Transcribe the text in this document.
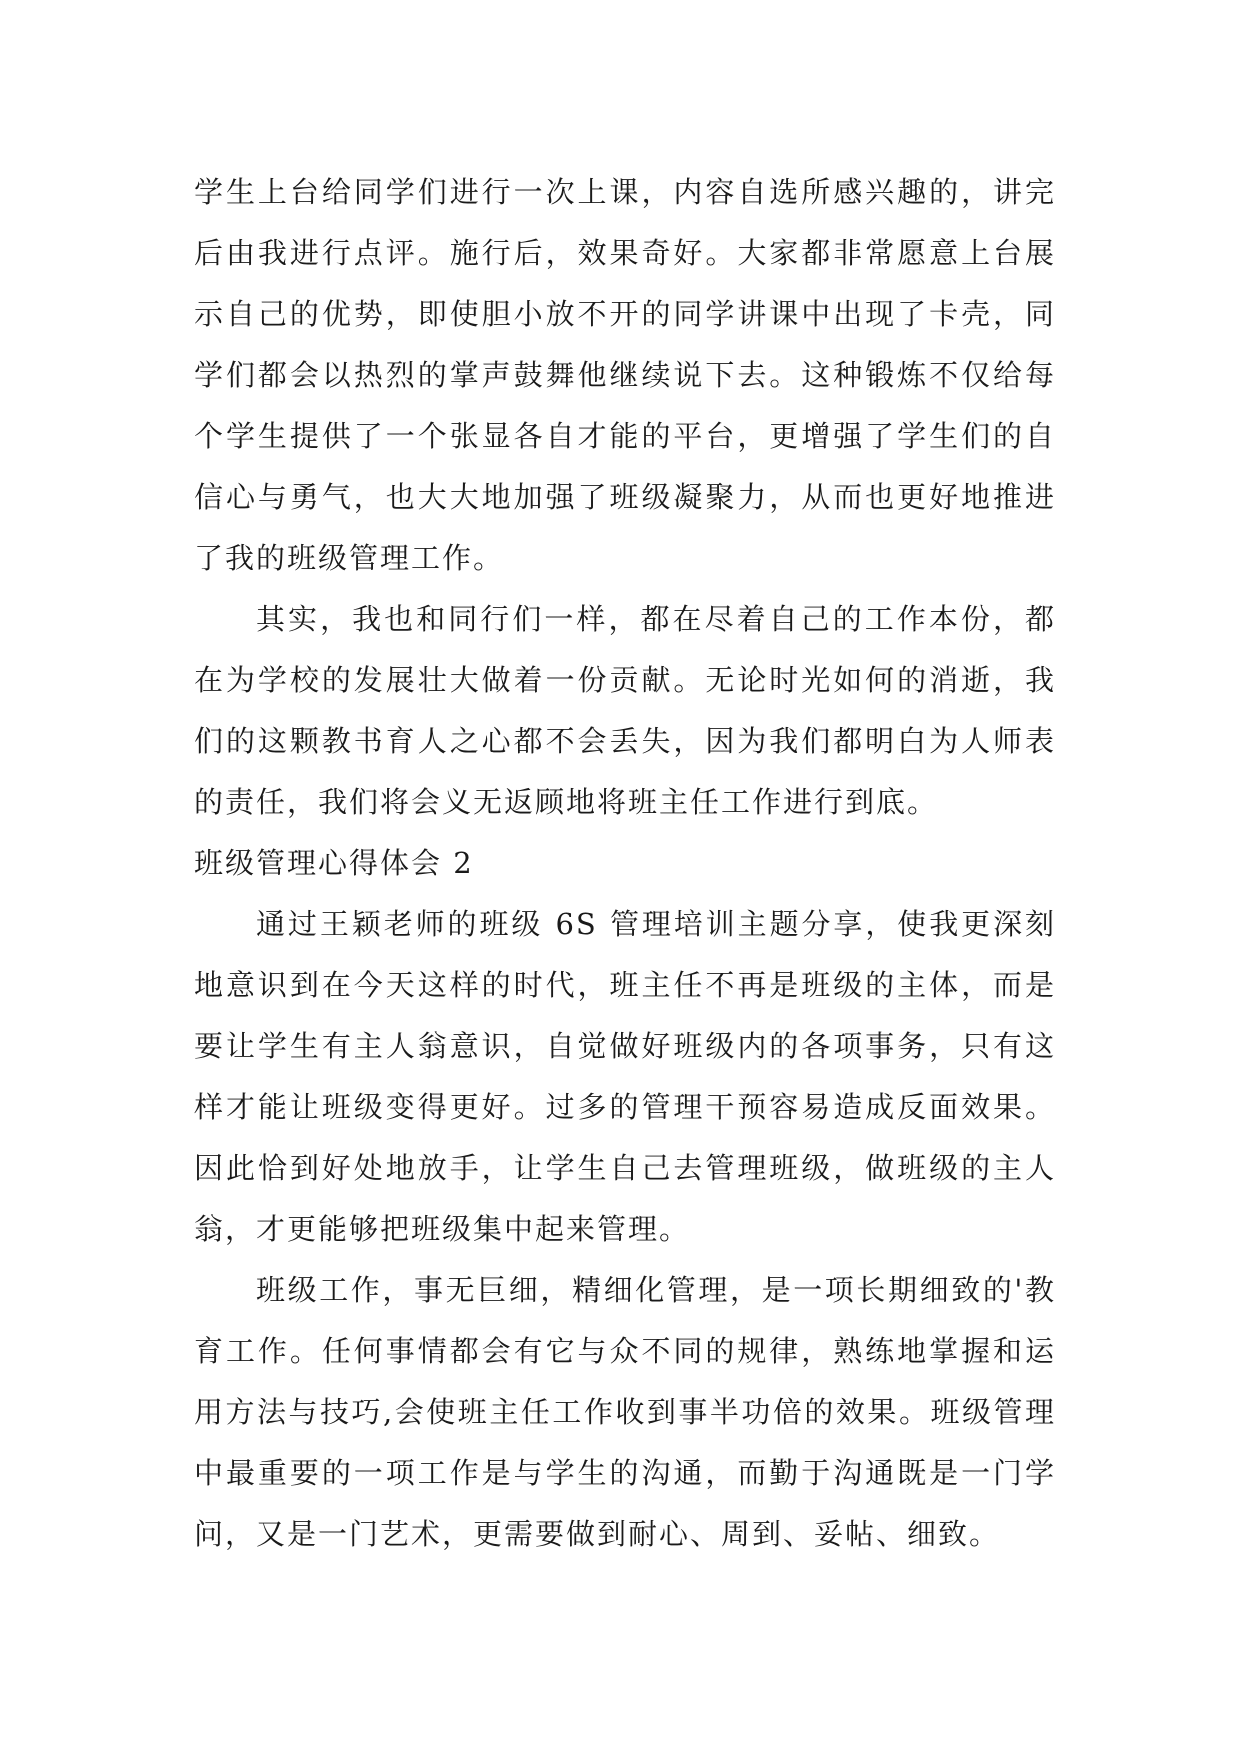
学生上台给同学们进行一次上课，内容自选所感兴趣的，讲完后由我进行点评。施行后，效果奇好。大家都非常愿意上台展示自己的优势，即使胆小放不开的同学讲课中出现了卡壳，同学们都会以热烈的掌声鼓舞他继续说下去。这种锻炼不仅给每个学生提供了一个张显各自才能的平台，更增强了学生们的自信心与勇气，也大大地加强了班级凝聚力，从而也更好地推进了我的班级管理工作。

其实，我也和同行们一样，都在尽着自己的工作本份，都在为学校的发展壮大做着一份贡献。无论时光如何的消逝，我们的这颗教书育人之心都不会丢失，因为我们都明白为人师表的责任，我们将会义无返顾地将班主任工作进行到底。

班级管理心得体会 2

通过王颖老师的班级 6S 管理培训主题分享，使我更深刻地意识到在今天这样的时代，班主任不再是班级的主体，而是要让学生有主人翁意识，自觉做好班级内的各项事务，只有这样才能让班级变得更好。过多的管理干预容易造成反面效果。因此恰到好处地放手，让学生自己去管理班级，做班级的主人翁，才更能够把班级集中起来管理。

班级工作，事无巨细，精细化管理，是一项长期细致的'教育工作。任何事情都会有它与众不同的规律，熟练地掌握和运用方法与技巧,会使班主任工作收到事半功倍的效果。班级管理中最重要的一项工作是与学生的沟通，而勤于沟通既是一门学问，又是一门艺术，更需要做到耐心、周到、妥帖、细致。
